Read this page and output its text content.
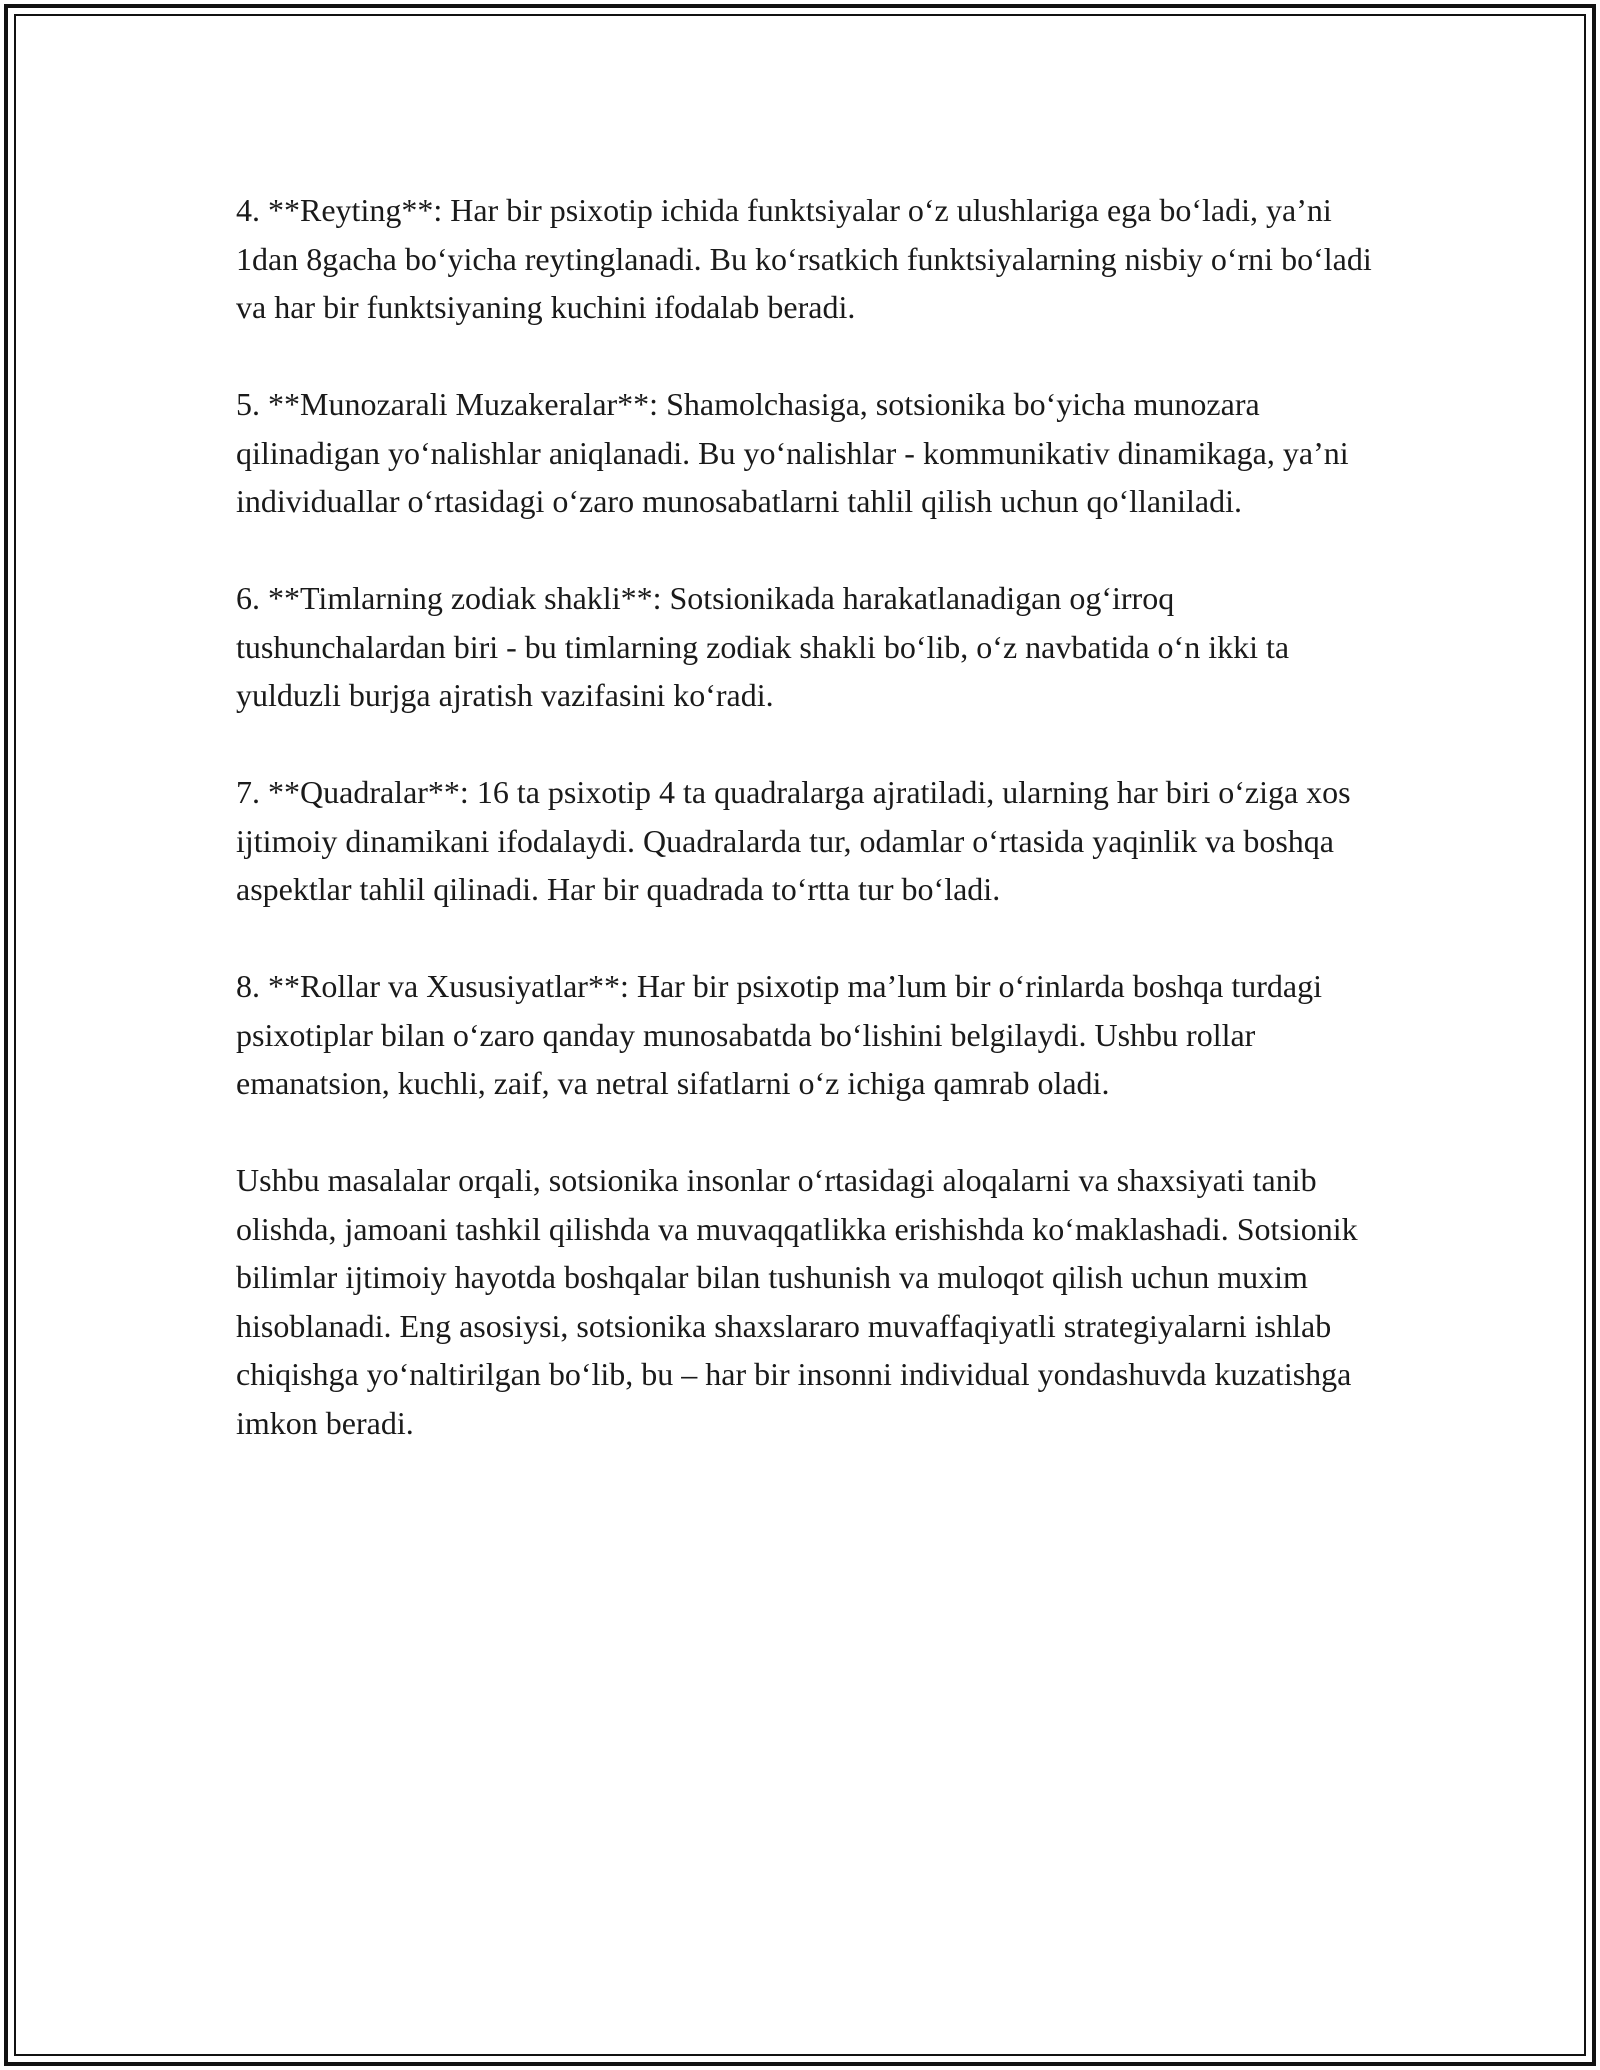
4. **Reyting**: Har bir psixotip ichida funktsiyalar o‘z ulushlariga ega bo‘ladi, ya’ni 1dan 8gacha bo‘yicha reytinglanadi. Bu ko‘rsatkich funktsiyalarning nisbiy o‘rni bo‘ladi va har bir funktsiyaning kuchini ifodalab beradi.

5. **Munozarali Muzakeralar**: Shamolchasiga, sotsionika bo‘yicha munozara qilinadigan yo‘nalishlar aniqlanadi. Bu yo‘nalishlar - kommunikativ dinamikaga, ya’ni individuallar o‘rtasidagi o‘zaro munosabatlarni tahlil qilish uchun qo‘llaniladi.

6. **Timlarning zodiak shakli**: Sotsionikada harakatlanadigan og‘irroq tushunchalardan biri - bu timlarning zodiak shakli bo‘lib, o‘z navbatida o‘n ikki ta yulduzli burjga ajratish vazifasini ko‘radi.

7. **Quadralar**: 16 ta psixotip 4 ta quadralarga ajratiladi, ularning har biri o‘ziga xos ijtimoiy dinamikani ifodalaydi. Quadralarda tur, odamlar o‘rtasida yaqinlik va boshqa aspektlar tahlil qilinadi. Har bir quadrada to‘rtta tur bo‘ladi.

8. **Rollar va Xususiyatlar**: Har bir psixotip ma’lum bir o‘rinlarda boshqa turdagi psixotiplar bilan o‘zaro qanday munosabatda bo‘lishini belgilaydi. Ushbu rollar emanatsion, kuchli, zaif, va netral sifatlarni o‘z ichiga qamrab oladi.

Ushbu masalalar orqali, sotsionika insonlar o‘rtasidagi aloqalarni va shaxsiyati tanib olishda, jamoani tashkil qilishda va muvaqqatlikka erishishda ko‘maklashadi. Sotsionik bilimlar ijtimoiy hayotda boshqalar bilan tushunish va muloqot qilish uchun muxim hisoblanadi. Eng asosiysi, sotsionika shaxslararo muvaffaqiyatli strategiyalarni ishlab chiqishga yo‘naltirilgan bo‘lib, bu – har bir insonni individual yondashuvda kuzatishga imkon beradi.
